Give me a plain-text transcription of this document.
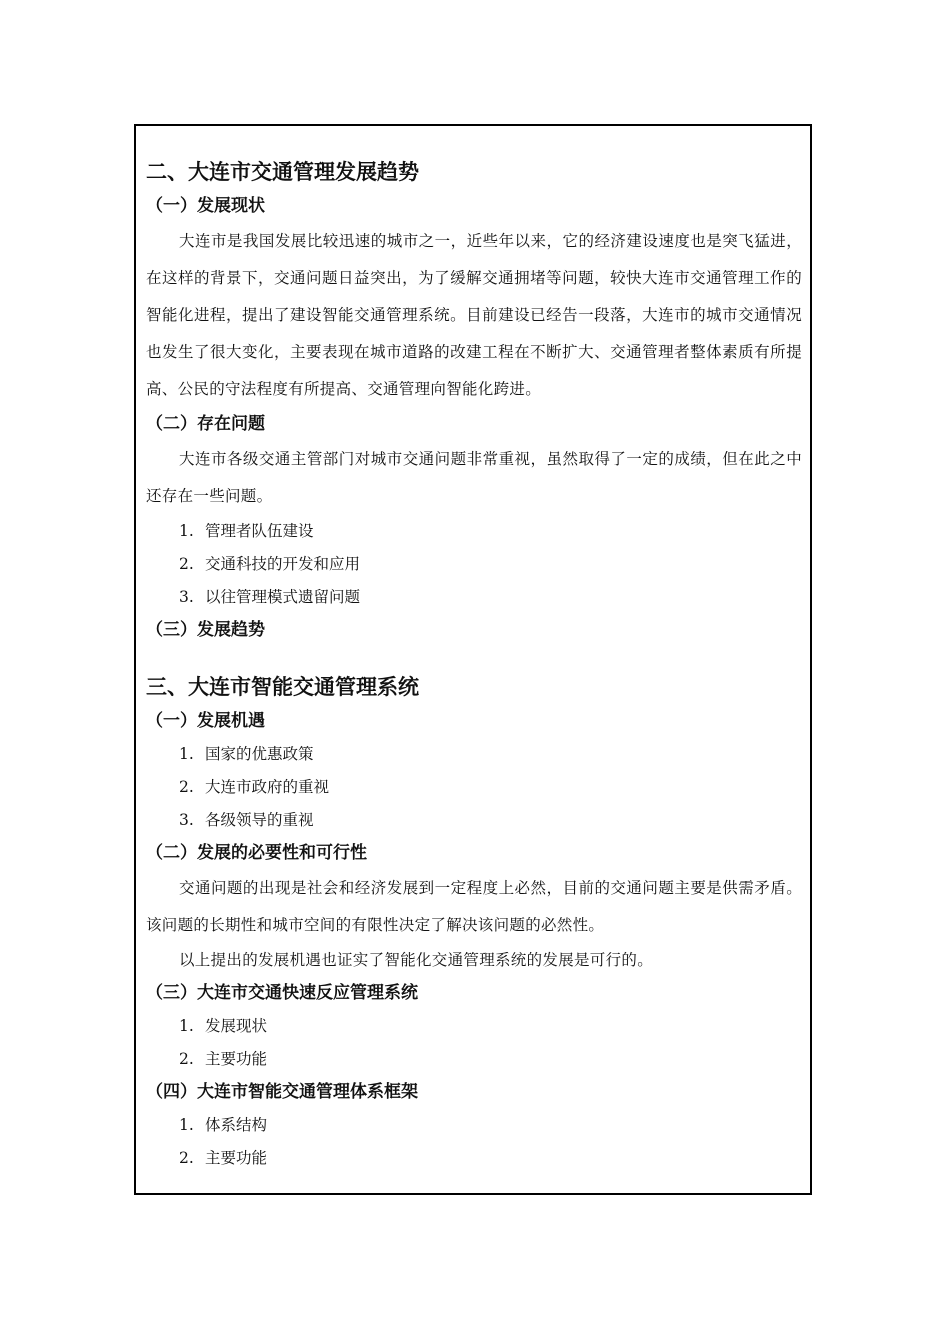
二、大连市交通管理发展趋势
（一）发展现状

大连市是我国发展比较迅速的城市之一，近些年以来，它的经济建设速度也是突飞猛进，在这样的背景下，交通问题日益突出，为了缓解交通拥堵等问题，较快大连市交通管理工作的智能化进程，提出了建设智能交通管理系统。目前建设已经告一段落，大连市的城市交通情况也发生了很大变化，主要表现在城市道路的改建工程在不断扩大、交通管理者整体素质有所提高、公民的守法程度有所提高、交通管理向智能化跨进。

（二）存在问题

大连市各级交通主管部门对城市交通问题非常重视，虽然取得了一定的成绩，但在此之中还存在一些问题。

1. 管理者队伍建设
2. 交通科技的开发和应用
3. 以往管理模式遗留问题
（三）发展趋势
三、大连市智能交通管理系统
（一）发展机遇
1. 国家的优惠政策
2. 大连市政府的重视
3. 各级领导的重视
（二）发展的必要性和可行性

交通问题的出现是社会和经济发展到一定程度上必然，目前的交通问题主要是供需矛盾。该问题的长期性和城市空间的有限性决定了解决该问题的必然性。

以上提出的发展机遇也证实了智能化交通管理系统的发展是可行的。

（三）大连市交通快速反应管理系统
1. 发展现状
2. 主要功能
（四）大连市智能交通管理体系框架
1. 体系结构
2. 主要功能
